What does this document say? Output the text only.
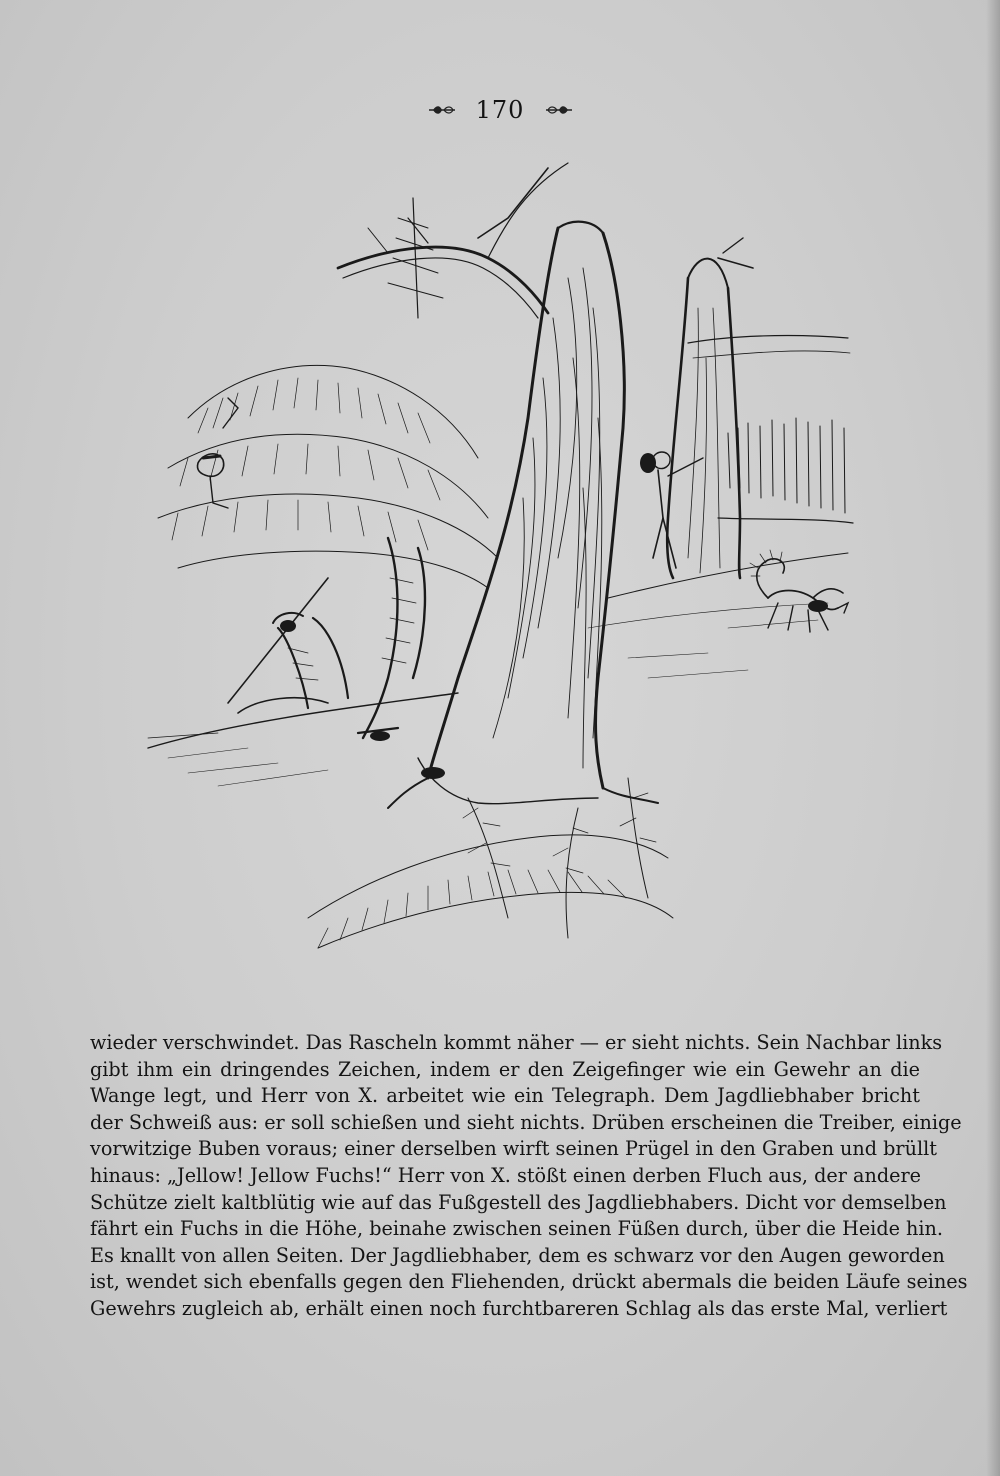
170
wieder verschwindet. Das Rascheln kommt näher — er sieht nichts. Sein Nachbar links
gibt ihm ein dringendes Zeichen, indem er den Zeigefinger wie ein Gewehr an die
Wange legt, und Herr von X. arbeitet wie ein Telegraph. Dem Jagdliebhaber bricht
der Schweiß aus: er soll schießen und sieht nichts. Drüben erscheinen die Treiber, einige
vorwitzige Buben voraus; einer derselben wirft seinen Prügel in den Graben und brüllt
hinaus: „Jellow! Jellow Fuchs!“ Herr von X. stößt einen derben Fluch aus, der andere
Schütze zielt kaltblütig wie auf das Fußgestell des Jagdliebhabers. Dicht vor demselben
fährt ein Fuchs in die Höhe, beinahe zwischen seinen Füßen durch, über die Heide hin.
Es knallt von allen Seiten. Der Jagdliebhaber, dem es schwarz vor den Augen geworden
ist, wendet sich ebenfalls gegen den Fliehenden, drückt abermals die beiden Läufe seines
Gewehrs zugleich ab, erhält einen noch furchtbareren Schlag als das erste Mal, verliert
